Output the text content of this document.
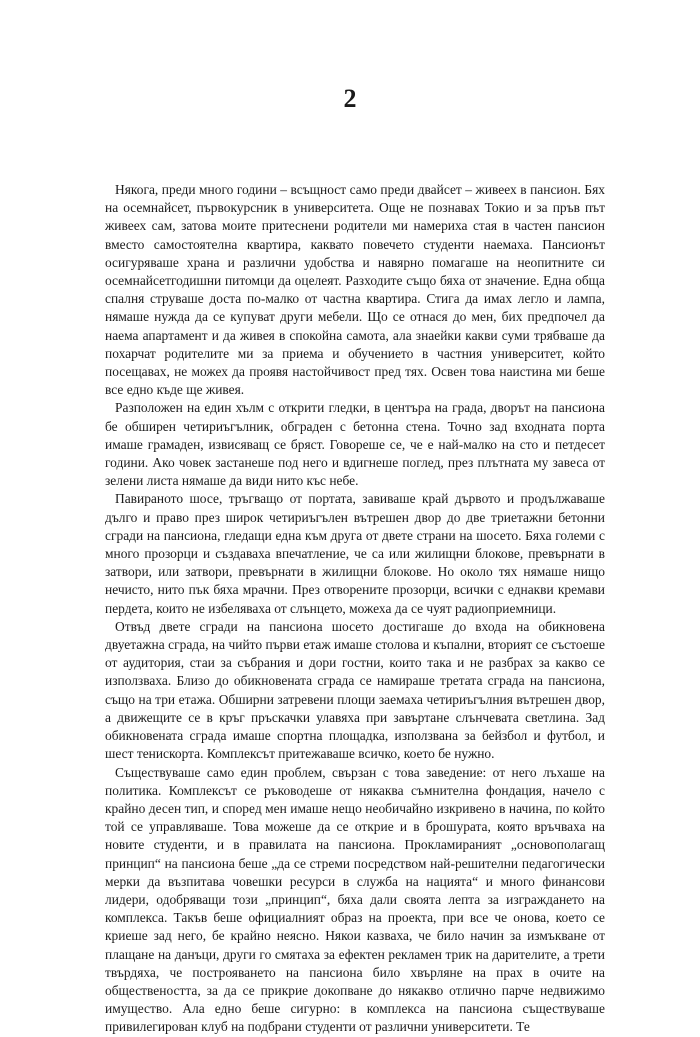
2

Някога, преди много години – всъщност само преди двайсет – живеех в пансион. Бях на осемнайсет, първокурсник в университета. Още не познавах Токио и за пръв път живеех сам, затова моите притеснени родители ми намериха стая в частен пансион вместо самостоятелна квартира, каквато повечето студенти наемаха. Пансионът осигуряваше храна и различни удобства и навярно помагаше на неопитните си осемнайсетгодишни питомци да оцелеят. Разходите също бяха от значение. Една обща спалня струваше доста по-малко от частна квартира. Стига да имах легло и лампа, нямаше нужда да се купуват други мебели. Що се отнася до мен, бих предпочел да наема апартамент и да живея в спокойна самота, ала знаейки какви суми трябваше да похарчат родителите ми за приема и обучението в частния университет, който посещавах, не можех да проявя настойчивост пред тях. Освен това наистина ми беше все едно къде ще живея.

Разположен на един хълм с открити гледки, в центъра на града, дворът на пансиона бе обширен четириъгълник, обграден с бетонна стена. Точно зад входната порта имаше грамаден, извисяващ се бряст. Говореше се, че е най-малко на сто и петдесет години. Ако човек застанеше под него и вдигнеше поглед, през плътната му завеса от зелени листа нямаше да види нито къс небе.

Павираното шосе, тръгващо от портата, завиваше край дървото и продължаваше дълго и право през широк четириъгълен вътрешен двор до две триетажни бетонни сгради на пансиона, гледащи една към друга от двете страни на шосето. Бяха големи с много прозорци и създаваха впечатление, че са или жилищни блокове, превърнати в затвори, или затвори, превърнати в жилищни блокове. Но около тях нямаше нищо нечисто, нито пък бяха мрачни. През отворените прозорци, всички с еднакви кремави пердета, които не избеляваха от слънцето, можеха да се чуят радиоприемници.

Отвъд двете сгради на пансиона шосето достигаше до входа на обикновена двуетажна сграда, на чийто първи етаж имаше столова и къпални, вторият се състоеше от аудитория, стаи за събрания и дори гостни, които така и не разбрах за какво се използваха. Близо до обикновената сграда се намираше третата сграда на пансиона, също на три етажа. Обширни затревени площи заемаха четириъгълния вътрешен двор, а движещите се в кръг пръскачки улавяха при завъртане слънчевата светлина. Зад обикновената сграда имаше спортна площадка, използвана за бейзбол и футбол, и шест тенискорта. Комплексът притежаваше всичко, което бе нужно.

Съществуваше само един проблем, свързан с това заведение: от него лъхаше на политика. Комплексът се ръководеше от някаква съмнителна фондация, начело с крайно десен тип, и според мен имаше нещо необичайно изкривено в начина, по който той се управляваше. Това можеше да се открие и в брошурата, която връчваха на новите студенти, и в правилата на пансиона. Прокламираният „основополагащ принцип“ на пансиона беше „да се стреми посредством най-решителни педагогически мерки да възпитава човешки ресурси в служба на нацията“ и много финансови лидери, одобряващи този „принцип“, бяха дали своята лепта за изграждането на комплекса. Такъв беше официалният образ на проекта, при все че онова, което се криеше зад него, бе крайно неясно. Някои казваха, че било начин за измъкване от плащане на данъци, други го смятаха за ефектен рекламен трик на дарителите, а трети твърдяха, че построяването на пансиона било хвърляне на прах в очите на обществеността, за да се прикрие докопване до някакво отлично парче недвижимо имущество. Ала едно беше сигурно: в комплекса на пансиона съществуваше привилегирован клуб на подбрани студенти от различни университети. Те
